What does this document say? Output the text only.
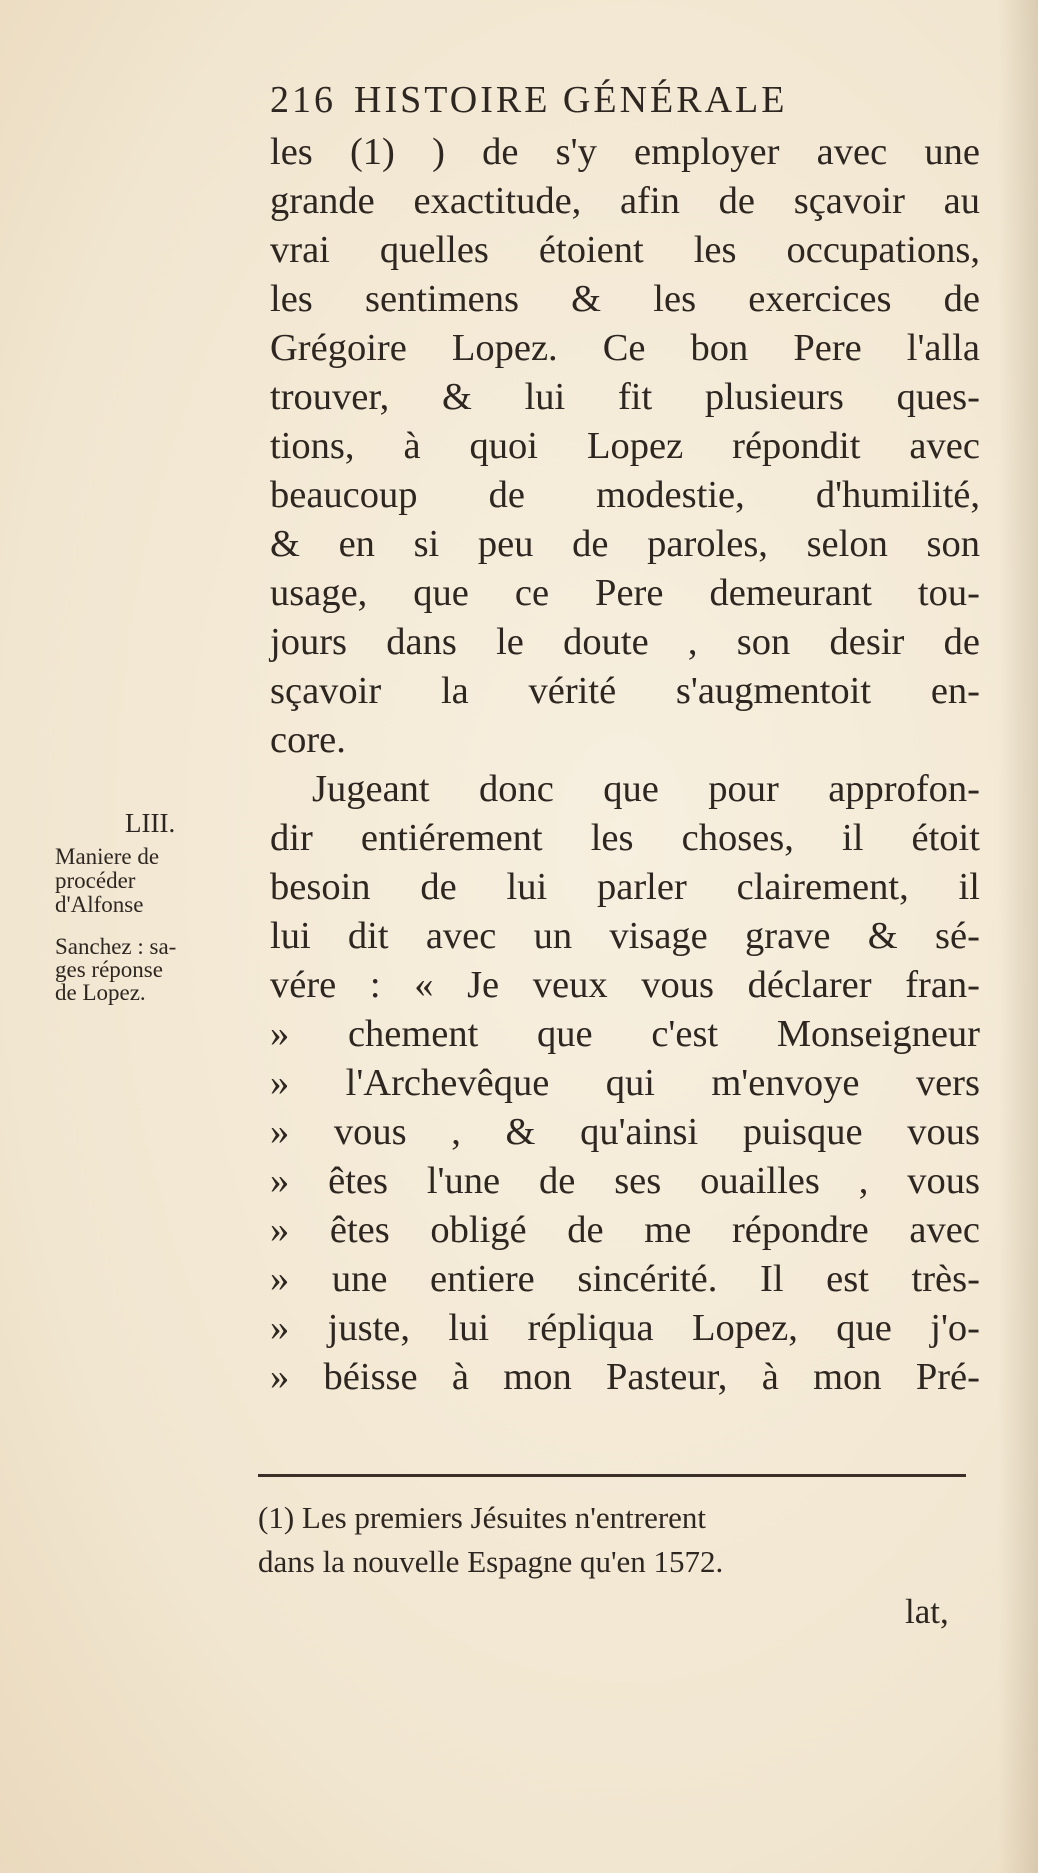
216 HISTOIRE GÉNÉRALE
les (1) ) de s'y employer avec une
grande exactitude, afin de sçavoir au
vrai quelles étoient les occupations,
les sentimens & les exercices de
Grégoire Lopez. Ce bon Pere l'alla
trouver, & lui fit plusieurs ques-
tions, à quoi Lopez répondit avec
beaucoup de modestie, d'humilité,
& en si peu de paroles, selon son
usage, que ce Pere demeurant tou-
jours dans le doute , son desir de
sçavoir la vérité s'augmentoit en-
core.
Jugeant donc que pour approfon-
dir entiérement les choses, il étoit
besoin de lui parler clairement, il
lui dit avec un visage grave & sé-
vére : « Je veux vous déclarer fran-
» chement que c'est Monseigneur
» l'Archevêque qui m'envoye vers
» vous , & qu'ainsi puisque vous
» êtes l'une de ses ouailles , vous
» êtes obligé de me répondre avec
» une entiere sincérité. Il est très-
» juste, lui répliqua Lopez, que j'o-
» béisse à mon Pasteur, à mon Pré-
LIII.
Maniere de
procéder
d'Alfonse
Sanchez : sa-
ges réponse
de Lopez.
(1) Les premiers Jésuites n'entrerent
dans la nouvelle Espagne qu'en 1572.
lat,
